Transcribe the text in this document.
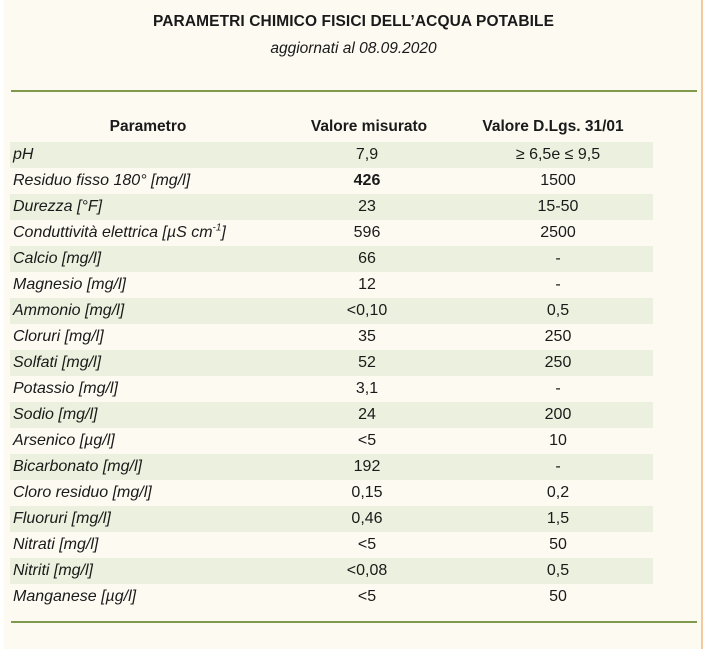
PARAMETRI CHIMICO FISICI DELL’ACQUA POTABILE
aggiornati al 08.09.2020
Parametro	Valore misurato	Valore D.Lgs. 31/01
pH	7,9	≥ 6,5e ≤ 9,5
Residuo fisso 180° [mg/l]	426	1500
Durezza [°F]	23	15-50
Conduttività elettrica [µS $cm^{-1}$]	596	2500
Calcio [mg/l]	66	-
Magnesio [mg/l]	12	-
Ammonio [mg/l]	<0,10	0,5
Cloruri [mg/l]	35	250
Solfati [mg/l]	52	250
Potassio [mg/l]	3,1	-
Sodio [mg/l]	24	200
Arsenico [µg/l]	<5	10
Bicarbonato [mg/l]	192	-
Cloro residuo [mg/l]	0,15	0,2
Fluoruri [mg/l]	0,46	1,5
Nitrati [mg/l]	<5	50
Nitriti [mg/l]	<0,08	0,5
Manganese [µg/l]	<5	50
